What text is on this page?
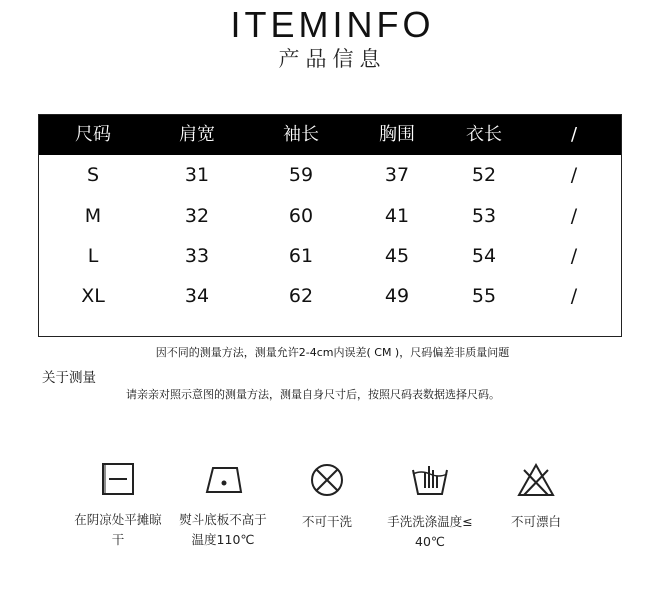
ITEMINFO
产品信息
尺码	肩宽	袖长	胸围	衣长	/
S	31	59	37	52	/
M	32	60	41	53	/
L	33	61	45	54	/
XL	34	62	49	55	/
因不同的测量方法，测量允许2-4cm内误差( CM )，尺码偏差非质量问题
关于测量
请亲亲对照示意图的测量方法，测量自身尺寸后，按照尺码表数据选择尺码。
在阴凉处平摊晾
干
熨斗底板不高于
温度110℃
不可干洗	手洗洗涤温度≤
40℃
不可漂白
